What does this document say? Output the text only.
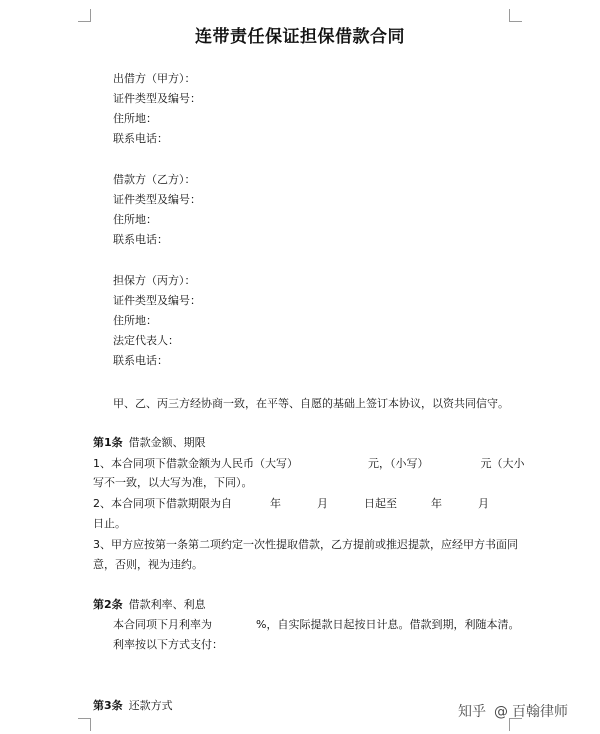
连带责任保证担保借款合同
出借方（甲方）：
证件类型及编号：
住所地：
联系电话：
借款方（乙方）：
证件类型及编号：
住所地：
联系电话：
担保方（丙方）：
证件类型及编号：
住所地：
法定代表人：
联系电话：
甲、乙、丙三方经协商一致，在平等、自愿的基础上签订本协议，以资共同信守。
第1条 借款金额、期限
1、本合同项下借款金额为人民币（大写）	元，（小写）	元（大小
写不一致，以大写为准，下同）。
2、本合同项下借款期限为自	年	月	日起至	年	月
日止。
3、甲方应按第一条第二项约定一次性提取借款，乙方提前或推迟提款，应经甲方书面同
意，否则，视为违约。
第2条 借款利率、利息
本合同项下月利率为	%，自实际提款日起按日计息。借款到期，利随本清。
利率按以下方式支付：
第3条 还款方式	知乎 @ 百翰律师
